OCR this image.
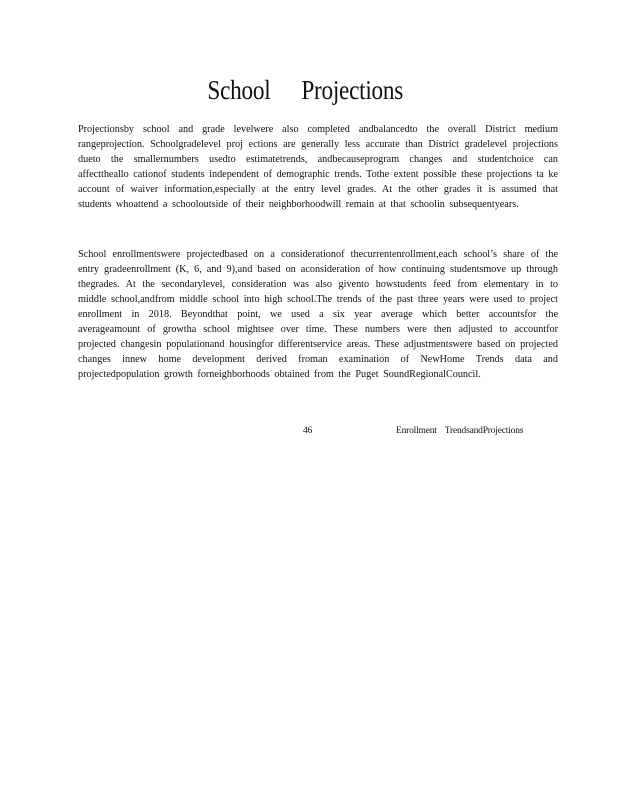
School Projections

Projectionsby school and grade levelwere also completed andbalancedto the overall District medium rangeprojection. Schoolgradelevel proj ections are generally less accurate than District gradelevel projections dueto the smallernumbers usedto estimatetrends, andbecauseprogram changes and studentchoice can affecttheallo cationof students independent of demographic trends. Tothe extent possible these projections ta ke account of waiver information,especially at the entry level grades. At the other grades it is assumed that students whoattend a schooloutside of their neighborhoodwill remain at that schoolin subsequentyears.

School enrollmentswere projectedbased on a considerationof thecurrentenrollment,each school’s share of the entry gradeenrollment (K, 6, and 9),and based on aconsideration of how continuing studentsmove up through thegrades. At the secondarylevel, consideration was also givento howstudents feed from elementary in to middle school,andfrom middle school into high school.The trends of the past three years were used to project enrollment in 2018. Beyondthat point, we used a six year average which better accountsfor the averageamount of growtha school mightsee over time. These numbers were then adjusted to accountfor projected changesin populationand housingfor differentservice areas. These adjustmentswere based on projected changes innew home development derived froman examination of NewHome Trends data and projectedpopulation growth forneighborhoods obtained from the Puget SoundRegionalCouncil.

46	Enrollment TrendsandProjections
